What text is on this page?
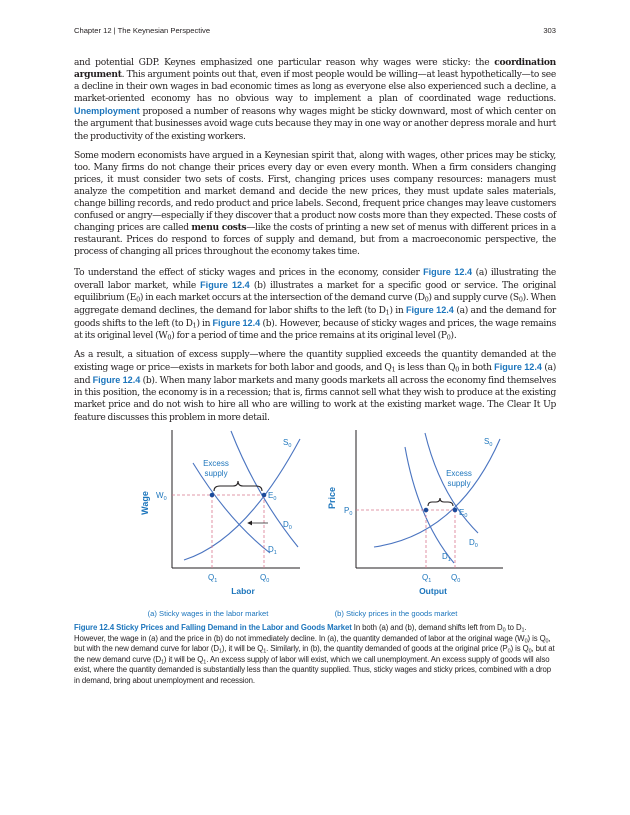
Chapter 12 | The Keynesian Perspective	303

and potential GDP. Keynes emphasized one particular reason why wages were sticky: the coordination argument. This argument points out that, even if most people would be willing—at least hypothetically—to see a decline in their own wages in bad economic times as long as everyone else also experienced such a decline, a market-oriented economy has no obvious way to implement a plan of coordinated wage reductions. Unemployment proposed a number of reasons why wages might be sticky downward, most of which center on the argument that businesses avoid wage cuts because they may in one way or another depress morale and hurt the productivity of the existing workers.

Some modern economists have argued in a Keynesian spirit that, along with wages, other prices may be sticky, too. Many firms do not change their prices every day or even every month. When a firm considers changing prices, it must consider two sets of costs. First, changing prices uses company resources: managers must analyze the competition and market demand and decide the new prices, they must update sales materials, change billing records, and redo product and price labels. Second, frequent price changes may leave customers confused or angry—especially if they discover that a product now costs more than they expected. These costs of changing prices are called menu costs—like the costs of printing a new set of menus with different prices in a restaurant. Prices do respond to forces of supply and demand, but from a macroeconomic perspective, the process of changing all prices throughout the economy takes time.

To understand the effect of sticky wages and prices in the economy, consider Figure 12.4 (a) illustrating the overall labor market, while Figure 12.4 (b) illustrates a market for a specific good or service. The original equilibrium $(E_0)$ in each market occurs at the intersection of the demand curve $(D_0)$ and supply curve $(S_0)$. When aggregate demand declines, the demand for labor shifts to the left (to $D_1$) in Figure 12.4 (a) and the demand for goods shifts to the left (to $D_1$) in Figure 12.4 (b). However, because of sticky wages and prices, the wage remains at its original level $(W_0)$ for a period of time and the price remains at its original level $(P_0)$.

As a result, a situation of excess supply—where the quantity supplied exceeds the quantity demanded at the existing wage or price—exists in markets for both labor and goods, and $Q_1$ is less than $Q_0$ in both Figure 12.4 (a) and Figure 12.4 (b). When many labor markets and many goods markets all across the economy find themselves in this position, the economy is in a recession; that is, firms cannot sell what they wish to produce at the existing market price and do not wish to hire all who are willing to work at the existing market wage. The Clear It Up feature discusses this problem in more detail.

Wage
Labor
$W_0$
$Q_1$	$Q_0$
$S_0$
$D_0$
$D_1$
$E_0$
Excess
supply
(a) Sticky wages in the labor market
Price
Output
$P_0$
$Q_1$ $Q_0$
$S_0$
$D_0$
$D_1$
$E_0$
Excess
supply
(b) Sticky prices in the goods market
Figure 12.4 Sticky Prices and Falling Demand in the Labor and Goods Market In both (a) and (b), demand shifts left from $D_0$ to $D_1$. However, the wage in (a) and the price in (b) do not immediately decline. In (a), the quantity demanded of labor at the original wage $(W_0)$ is $Q_0$, but with the new demand curve for labor $(D_1)$, it will be $Q_1$. Similarly, in (b), the quantity demanded of goods at the original price $(P_0)$ is $Q_0$, but at the new demand curve $(D_1)$ it will be $Q_1$. An excess supply of labor will exist, which we call unemployment. An excess supply of goods will also exist, where the quantity demanded is substantially less than the quantity supplied. Thus, sticky wages and sticky prices, combined with a drop in demand, bring about unemployment and recession.
